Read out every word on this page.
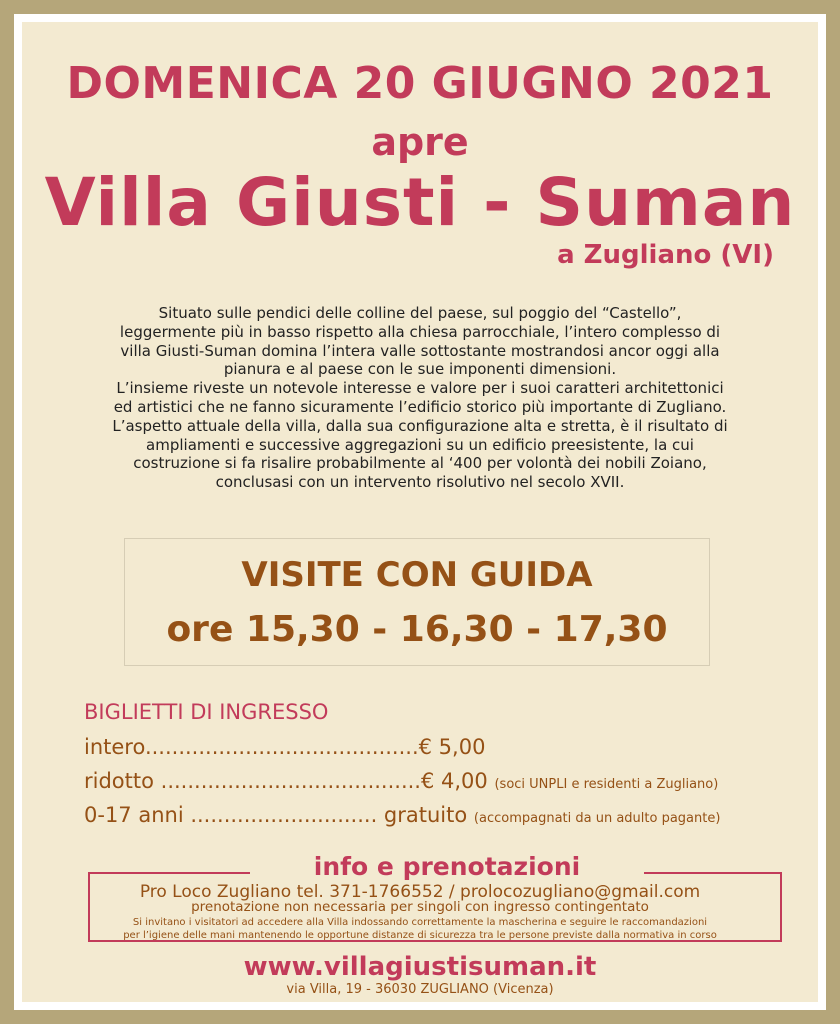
DOMENICA 20 GIUGNO 2021
apre
Villa Giusti - Suman
a Zugliano (VI)
Situato sulle pendici delle colline del paese, sul poggio del “Castello”,
leggermente più in basso rispetto alla chiesa parrocchiale, l’intero complesso di
villa Giusti-Suman domina l’intera valle sottostante mostrandosi ancor oggi alla
pianura e al paese con le sue imponenti dimensioni.
L’insieme riveste un notevole interesse e valore per i suoi caratteri architettonici
ed artistici che ne fanno sicuramente l’edificio storico più importante di Zugliano.
L’aspetto attuale della villa, dalla sua configurazione alta e stretta, è il risultato di
ampliamenti e successive aggregazioni su un edificio preesistente, la cui
costruzione si fa risalire probabilmente al ‘400 per volontà dei nobili Zoiano,
conclusasi con un intervento risolutivo nel secolo XVII.
VISITE CON GUIDA
ore 15,30 - 16,30 - 17,30
BIGLIETTI DI INGRESSO
intero.........................................€ 5,00
ridotto .......................................€ 4,00 (soci UNPLI e residenti a Zugliano)
0-17 anni ............................ gratuito (accompagnati da un adulto pagante)
info e prenotazioni
Pro Loco Zugliano tel. 371-1766552 / prolocozugliano@gmail.com
prenotazione non necessaria per singoli con ingresso contingentato
Si invitano i visitatori ad accedere alla Villa indossando correttamente la mascherina e seguire le raccomandazioni
per l’igiene delle mani mantenendo le opportune distanze di sicurezza tra le persone previste dalla normativa in corso
www.villagiustisuman.it
via Villa, 19 - 36030 ZUGLIANO (Vicenza)
